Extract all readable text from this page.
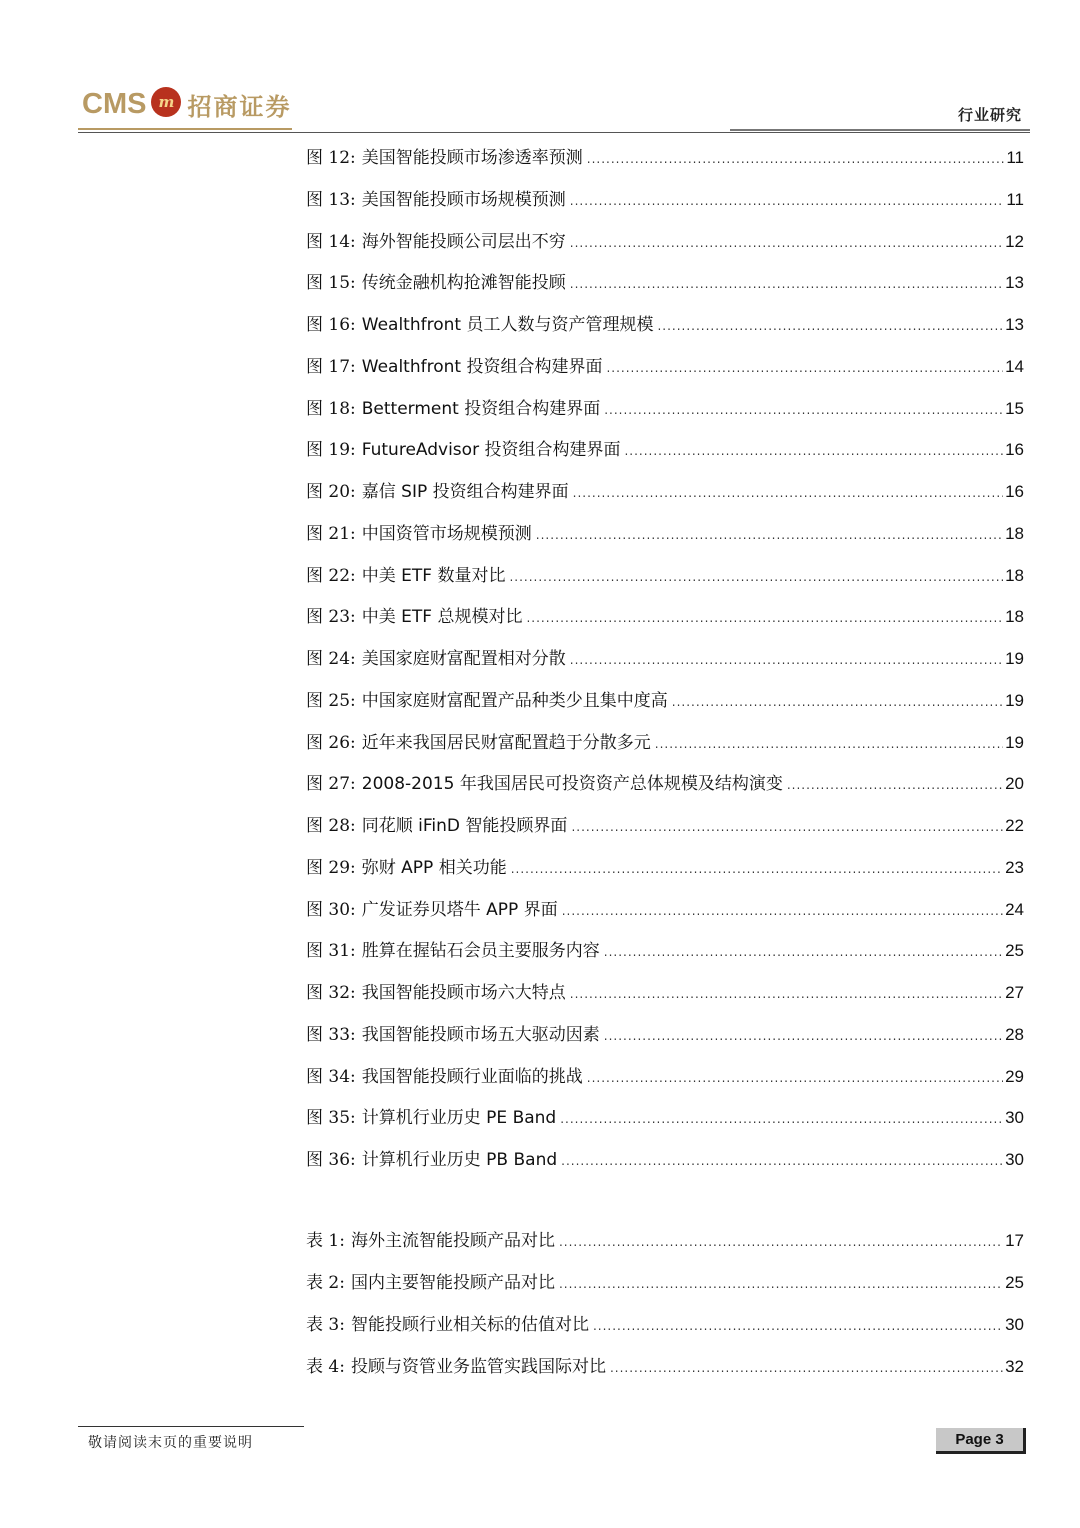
CMS m 招商证券	行业研究
图 12: 美国智能投顾市场渗透率预测 .....	11
图 13: 美国智能投顾市场规模预测 .....	11
图 14: 海外智能投顾公司层出不穷 .....	12
图 15: 传统金融机构抢滩智能投顾 .....	13
图 16: Wealthfront 员工人数与资产管理规模 .....	13
图 17: Wealthfront 投资组合构建界面 .....	14
图 18: Betterment 投资组合构建界面 .....	15
图 19: FutureAdvisor 投资组合构建界面 .....	16
图 20: 嘉信 SIP 投资组合构建界面 .....	16
图 21: 中国资管市场规模预测 .....	18
图 22: 中美 ETF 数量对比 .....	18
图 23: 中美 ETF 总规模对比 .....	18
图 24: 美国家庭财富配置相对分散 .....	19
图 25: 中国家庭财富配置产品种类少且集中度高 .....	19
图 26: 近年来我国居民财富配置趋于分散多元 .....	19
图 27: 2008-2015 年我国居民可投资资产总体规模及结构演变 .....	20
图 28: 同花顺 iFinD 智能投顾界面 .....	22
图 29: 弥财 APP 相关功能 .....	23
图 30: 广发证券贝塔牛 APP 界面 .....	24
图 31: 胜算在握钻石会员主要服务内容 .....	25
图 32: 我国智能投顾市场六大特点 .....	27
图 33: 我国智能投顾市场五大驱动因素 .....	28
图 34: 我国智能投顾行业面临的挑战 .....	29
图 35: 计算机行业历史 PE Band .....	30
图 36: 计算机行业历史 PB Band .....	30
表 1: 海外主流智能投顾产品对比 .....	17
表 2: 国内主要智能投顾产品对比 .....	25
表 3: 智能投顾行业相关标的估值对比 .....	30
表 4: 投顾与资管业务监管实践国际对比 .....	32
敬请阅读末页的重要说明	Page 3
